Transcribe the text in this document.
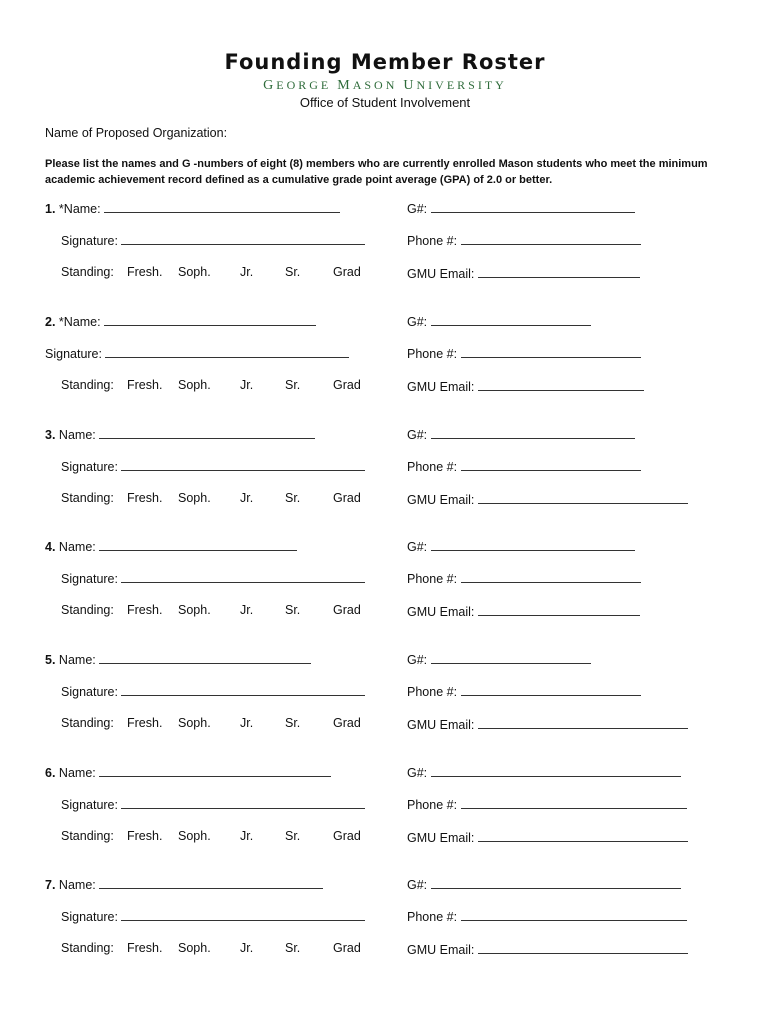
Founding Member Roster
GEORGE MASON UNIVERSITY
Office of Student Involvement
Name of Proposed Organization:
Please list the names and G -numbers of eight (8) members who are currently enrolled Mason students who meet the minimum academic achievement record defined as a cumulative grade point average (GPA) of 2.0 or better.
1. *Name:	G#:
Signature:	Phone #:
Standing: Fresh. Soph. Jr.	Sr.	Grad	GMU Email:
2. *Name:	G#:
Signature:	Phone #:
Standing: Fresh. Soph. Jr.	Sr.	Grad	GMU Email:
3. Name:	G#:
Signature:	Phone #:
Standing: Fresh. Soph. Jr.	Sr.	Grad	GMU Email:
4. Name:	G#:
Signature:	Phone #:
Standing: Fresh. Soph. Jr.	Sr.	Grad	GMU Email:
5. Name:	G#:
Signature:	Phone #:
Standing: Fresh. Soph. Jr.	Sr.	Grad	GMU Email:
6. Name:	G#:
Signature:	Phone #:
Standing: Fresh. Soph. Jr.	Sr.	Grad	GMU Email:
7. Name:	G#:
Signature:	Phone #:
Standing: Fresh. Soph. Jr.	Sr.	Grad	GMU Email:
